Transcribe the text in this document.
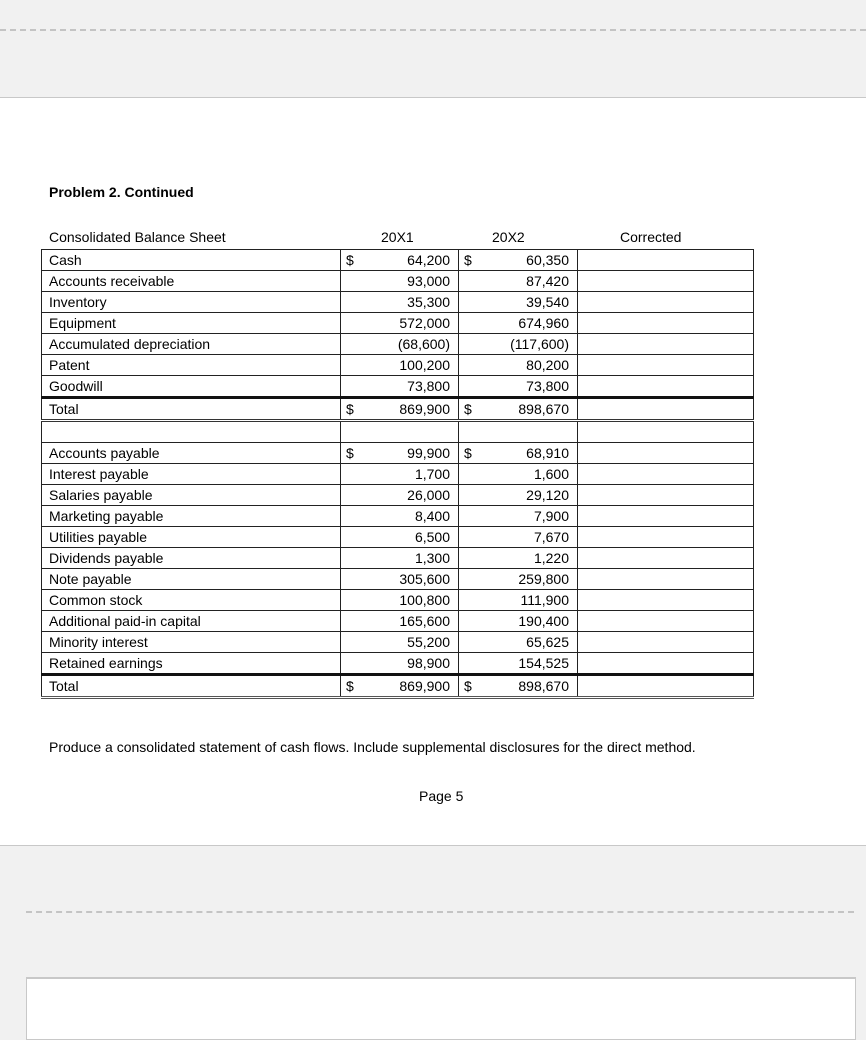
Problem 2. Continued
Consolidated Balance Sheet	20X1	20X2	Corrected
Cash	$ 64,200	$ 60,350	
Accounts receivable	93,000	87,420	
Inventory	35,300	39,540	
Equipment	572,000	674,960	
Accumulated depreciation	(68,600)	(117,600)	
Patent	100,200	80,200	
Goodwill	73,800	73,800	
Total	$ 869,900	$ 898,670	

Accounts payable	$ 99,900	$ 68,910	
Interest payable	1,700	1,600	
Salaries payable	26,000	29,120	
Marketing payable	8,400	7,900	
Utilities payable	6,500	7,670	
Dividends payable	1,300	1,220	
Note payable	305,600	259,800	
Common stock	100,800	111,900	
Additional paid-in capital	165,600	190,400	
Minority interest	55,200	65,625	
Retained earnings	98,900	154,525	
Total	$ 869,900	$ 898,670	
Produce a consolidated statement of cash flows. Include supplemental disclosures for the direct method.
Page 5
